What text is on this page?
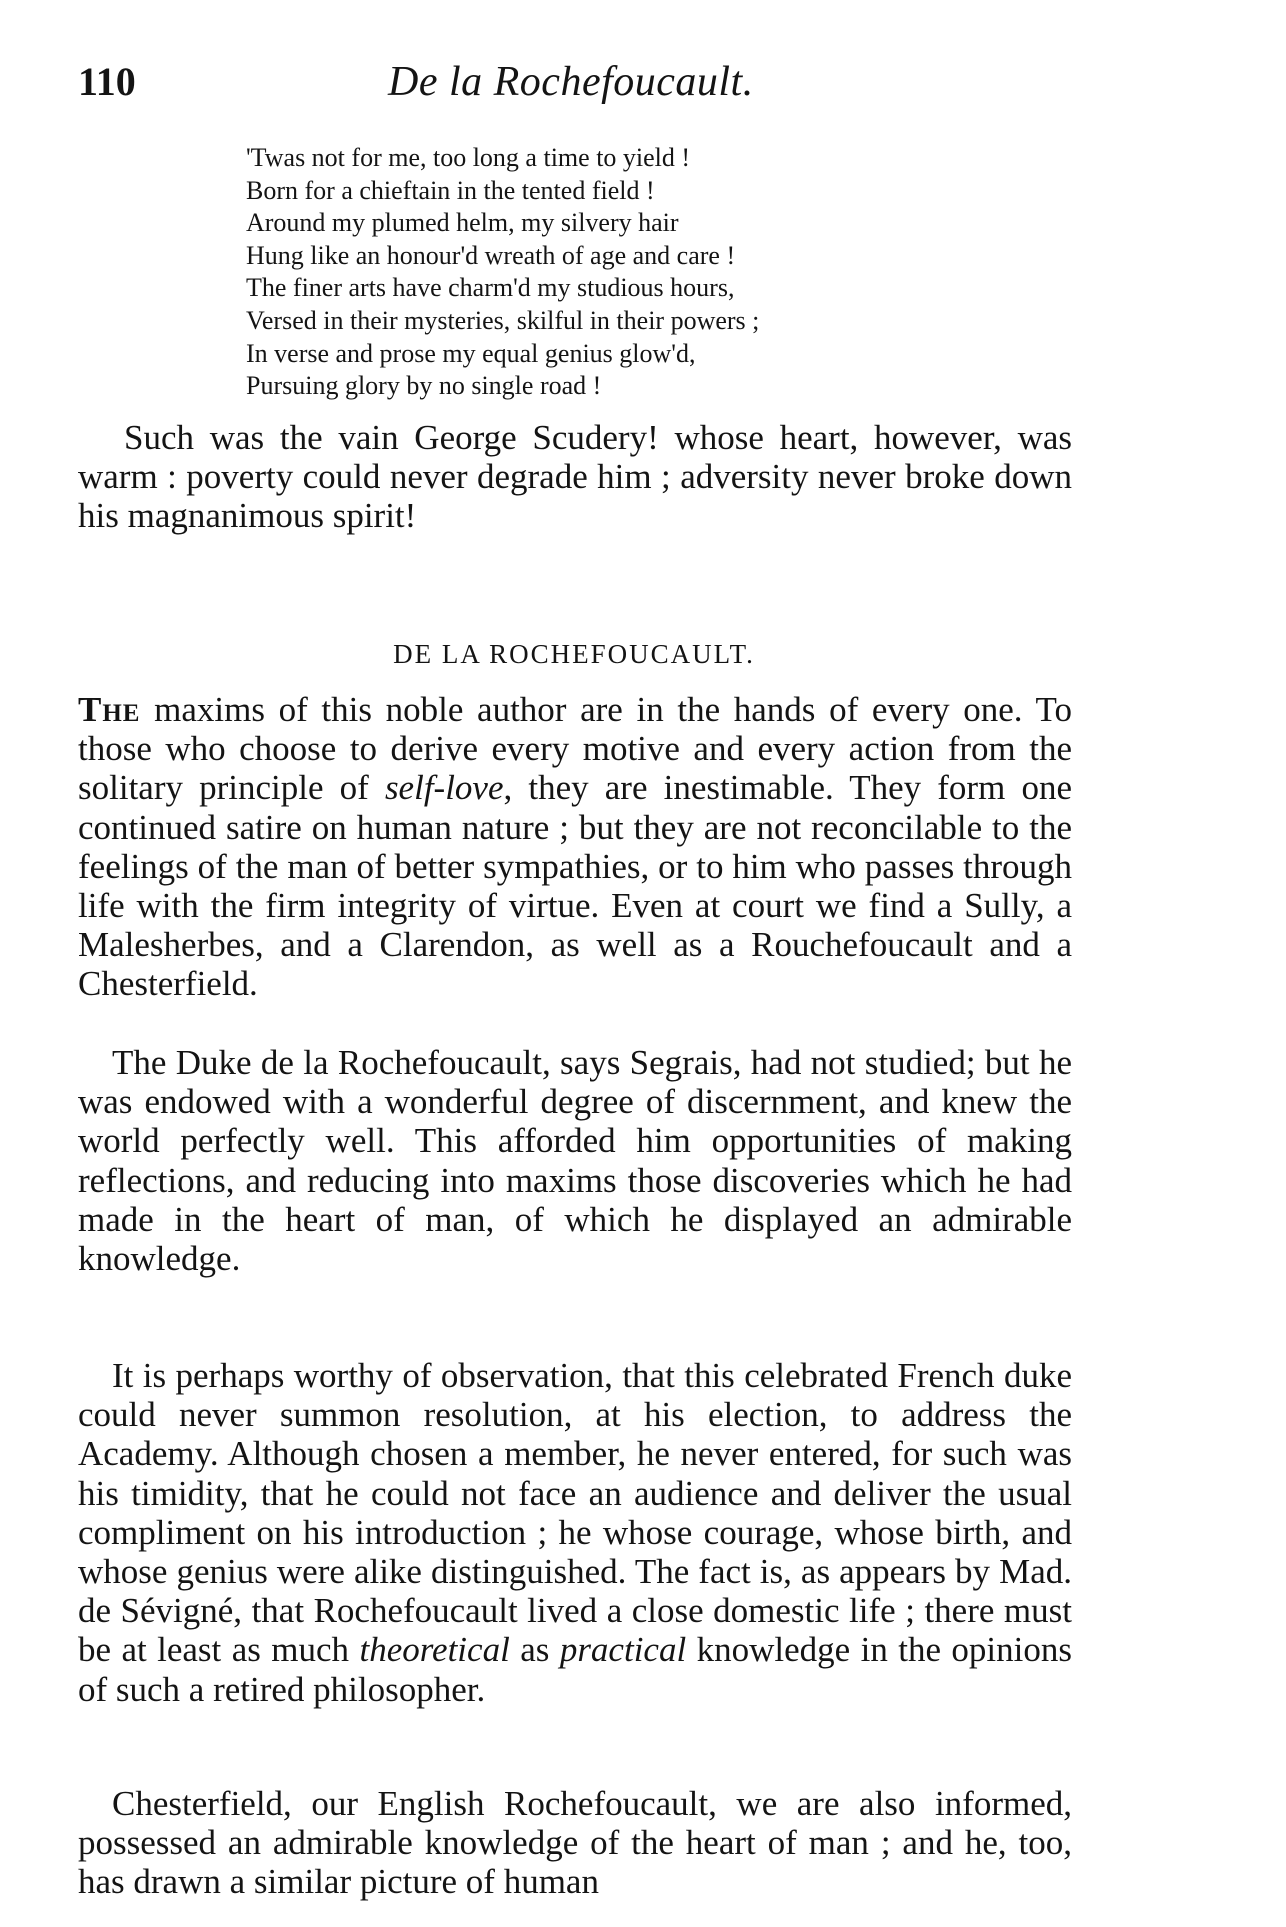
110	De la Rochefoucault.
'Twas not for me, too long a time to yield !
Born for a chieftain in the tented field !
Around my plumed helm, my silvery hair
Hung like an honour'd wreath of age and care !
The finer arts have charm'd my studious hours,
Versed in their mysteries, skilful in their powers ;
In verse and prose my equal genius glow'd,
Pursuing glory by no single road !

Such was the vain George Scudery! whose heart, however, was warm : poverty could never degrade him ; adversity never broke down his magnanimous spirit!

DE LA ROCHEFOUCAULT.

The maxims of this noble author are in the hands of every one. To those who choose to derive every motive and every action from the solitary principle of self-love, they are inestimable. They form one continued satire on human nature ; but they are not reconcilable to the feelings of the man of better sympathies, or to him who passes through life with the firm integrity of virtue. Even at court we find a Sully, a Malesherbes, and a Clarendon, as well as a Rouchefoucault and a Chesterfield.

The Duke de la Rochefoucault, says Segrais, had not studied; but he was endowed with a wonderful degree of discernment, and knew the world perfectly well. This afforded him opportunities of making reflections, and reducing into maxims those discoveries which he had made in the heart of man, of which he displayed an admirable knowledge.

It is perhaps worthy of observation, that this celebrated French duke could never summon resolution, at his election, to address the Academy. Although chosen a member, he never entered, for such was his timidity, that he could not face an audience and deliver the usual compliment on his introduction ; he whose courage, whose birth, and whose genius were alike distinguished. The fact is, as appears by Mad. de Sévigné, that Rochefoucault lived a close domestic life ; there must be at least as much theoretical as practical knowledge in the opinions of such a retired philosopher.

Chesterfield, our English Rochefoucault, we are also informed, possessed an admirable knowledge of the heart of man ; and he, too, has drawn a similar picture of human
